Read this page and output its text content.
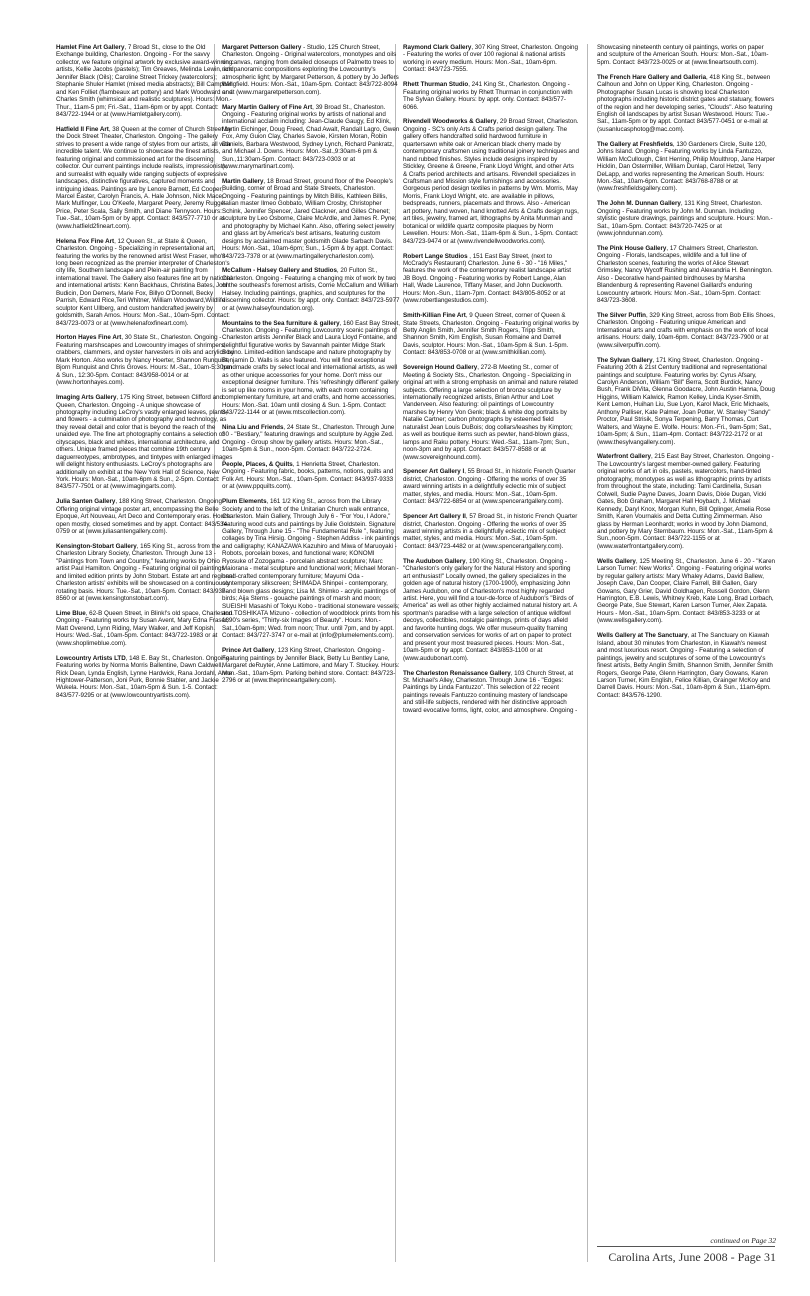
Hamlet Fine Art Gallery, 7 Broad St., close to the Old Exchange building, Charleston. Ongoing - For the savvy collector, we feature original artwork by exclusive award-winning artists, Kellie Jacobs (pastels); Tim Greaves, Melinda Lewin, and Jennifer Black (Oils); Caroline Street Trickey (watercolors); Stephanie Shuler Hamlet (mixed media abstracts); Bill Campbell and Ken Folliet (flambeaux art pottery) and Mark Woodward and Charles Smith (whimsical and realistic sculptures). Hours: Mon.-Thur., 11am-5 pm; Fri.-Sat., 11am-6pm or by appt. Contact: 843/722-1944 or at (www.Hamletgallery.com).

Hatfield II Fine Art, 38 Queen at the corner of Church Street by the Dock Street Theater, Charleston. Ongoing - The gallery strives to present a wide range of styles from our artists, all with incredible talent. We continue to showcase the finest artists, featuring original and commissioned art for the discerning collector. Our current paintings include realists, impressionists, and surrealist with equally wide ranging subjects of expressive landscapes, distinctive figuratives, captured moments and intriguing ideas. Paintings are by Lenore Barnett, Ed Cooper, Marcel Easter, Carolyn Francis, A. Hale Johnson, Nick Mace, Mark Mulfinger, Lou O'Keefe, Margaret Peery, Jeremy Rugge-Price, Peter Scala, Sally Smith, and Diane Tennyson. Hours: Tue.-Sat., 10am-5pm or by appt. Contact: 843/577-7710 or at (www.hatfield2fineart.com).

Helena Fox Fine Art, 12 Queen St., at State & Queen, Charleston. Ongoing - Specializing in representational art, featuring the works by the renowned artist West Fraser, who's long been recognized as the premier interpreter of Charleston's city life, Southern landscape and Plein-air painting from international travel. The Gallery also features fine art by national and international artists: Kenn Backhaus, Christina Bates, John Budicin, Don Demers, Marie Fox, Billyo O'Donnell, Becky Parrish, Edward Rice,Teri Whitner, William Woodward,Wildlife sculptor Kent Ullberg, and custom handcrafted jewelry by goldsmith, Sarah Amos. Hours: Mon.-Sat., 10am-5pm. Contact: 843/723-0073 or at (www.helenafoxfineart.com).

Horton Hayes Fine Art, 30 State St., Charleston. Ongoing - Featuring marshscapes and Lowcountry images of shrimpers, crabbers, clammers, and oyster harvesters in oils and acrylics by Mark Horton. Also works by Nancy Hoerter, Shannon Runquist, Bjorn Runquist and Chris Groves. Hours: M.-Sat., 10am-5:30pm & Sun., 12:30-5pm. Contact: 843/958-0014 or at (www.hortonhayes.com).

Imaging Arts Gallery, 175 King Street, between Clifford and Queen, Charleston. Ongoing - A unique showcase of photography including LeCroy's vastly enlarged leaves, plants, and flowers - a culmination of photography and technology, as they reveal detail and color that is beyond the reach of the unaided eye. The fine art photography contains a selection of cityscapes, black and whites, international architecture, and others. Unique framed pieces that combine 19th century daguerreotypes, ambrotypes, and tintypes with enlarged images will delight history enthusiasts. LeCroy's photographs are additionally on exhibit at the New York Hall of Science, New York. Hours: Mon.-Sat., 10am-6pm & Sun., 2-5pm. Contact: 843/577-7501 or at (www.imagingarts.com).

Julia Santen Gallery, 188 King Street, Charleston. Ongoing - Offering original vintage poster art, encompassing the Belle Epoque, Art Nouveau, Art Deco and Contemporary eras. Hours: open mostly, closed sometimes and by appt. Contact: 843/534-0759 or at (www.juliasantengallery.com).

Kensington-Stobart Gallery, 165 King St., across from the Charleston Library Society, Charleston. Through June 13 - "Paintings from Town and Country," featuring works by Ohio artist Paul Hamilton. Ongoing - Featuring original oil paintings and limited edition prints by John Stobart. Estate art and regional Charleston artists' exhibits will be showcased on a continuously rotating basis. Hours: Tue.-Sat., 10am-5pm. Contact: 843/937-8560 or at (www.kensingtonstobart.com).

Lime Blue, 62-B Queen Street, in Blink!'s old space, Charleston. Ongoing - Featuring works by Susan Avent, Mary Edna Fraser, Matt Overend, Lynn Riding, Mary Walker, and Jeff Kopish. Hours: Wed.-Sat., 10am-5pm. Contact: 843/722-1983 or at (www.shoplimeblue.com).

Lowcountry Artists LTD, 148 E. Bay St., Charleston. Ongoing - Featuring works by Norma Morris Ballentine, Dawn Caldwell, Rick Dean, Lynda English, Lynne Hardwick, Rana Jordahl, Anne Hightower-Patterson, Joni Purk, Bonnie Stabler, and Jackie Wukela. Hours: Mon.-Sat., 10am-5pm & Sun. 1-5. Contact: 843/577-9295 or at (www.lowcountryartists.com).

Margaret Petterson Gallery - Studio, 125 Church Street, Charleston. Ongoing - Original watercolors, monotypes and oils on canvas, ranging from detailed closeups of Palmetto trees to rich panoramic compositions exploring the Lowcountry's atmospheric light; by Margaret Petterson, & pottery by Jo Jeffers Wingfield. Hours: Mon.-Sat., 10am-5pm. Contact: 843/722-8094 or at (www.margaretpetterson.com).

Mary Martin Gallery of Fine Art, 39 Broad St., Charleston. Ongoing - Featuring original works by artists of national and international acclaim including: Jean-Claude Gaugy, Ed Klink, Martin Eichinger, Doug Freed, Chad Awalt, Randall Lagro, Gwen Fox, Amy Guion Clay, Charles Savoie, Kirsten Moran, Robin Daniels, Barbara Westwood, Sydney Lynch, Richard Pankratz, and Michael J. Downs. Hours: Mon.-Sat.,9:30am-6 pm & Sun.,11:30am-5pm. Contact: 843/723-0303 or at (www.marymartinart.com).

Martin Gallery, 18 Broad Street, ground floor of the Peeople's Building, corner of Broad and State Streets, Charleston. Ongoing - Featuring paintings by Mitch Billis, Kathleen Billis, Italian master Ilmeo Gobbato, William Crosby, Christopher Schink, Jennifer Spencer, Jared Clackner, and Gilles Chenet; sculpture by Leo Osborne, Claire McArdle, and James R. Pyne; and photography by Michael Kahn. Also, offering select jewelry and glass art by America's best artisans, featuring custom designs by acclaimed master goldsmith Glade Sarbach Davis. Hours: Mon.-Sat., 10am-6pm; Sun., 1-5pm & by appt. Contact: 843/723-7378 or at (www.martingallerycharleston.com).

McCallum - Halsey Gallery and Studios, 20 Fulton St., Charleston. Ongoing - Featuring a changing mix of work by two of the southeast's foremost artists, Corrie McCallum and William Halsey. Including paintings, graphics, and sculptures for the discerning collector. Hours: by appt. only. Contact: 843/723-5977 or at (www.halseyfoundation.org).

Mountains to the Sea furniture & gallery, 160 East Bay Street, Charleston. Ongoing - Featuring Lowcountry scenic paintings of Charleston artists Jennifer Black and Laura Lloyd Fontaine, and delightful figurative works by Savannah painter Midge Stark Bovino. Limited-edition landscape and nature photography by Benjamin D. Walls is also featured. You will find exceptional handmade crafts by select local and international artists, as well as other unique accessories for your home. Don't miss our exceptional designer furniture. This 'refreshingly different' gallery is set up like rooms in your home, with each room containing complementary furniture, art and crafts, and home accessories. Hours: Mon.-Sat. 10am until closing & Sun. 1-5pm. Contact: 843/722-1144 or at (www.mtscollection.com).

Nina Liu and Friends, 24 State St., Charleston. Through June 30 - "Bestiary," featuring drawings and sculpture by Aggie Zed. Ongoing - Group show by gallery artists. Hours: Mon.-Sat., 10am-5pm & Sun., noon-5pm. Contact: 843/722-2724.

People, Places, & Quilts, 1 Henrietta Street, Charleston. Ongoing - Featuring fabric, books, patterns, notions, quilts and Folk Art. Hours: Mon.-Sat., 10am-5pm. Contact: 843/937-9333 or at (www.ppquilts.com).

Plum Elements, 161 1/2 King St., across from the Library Society and to the left of the Unitarian Church walk entrance, Charleston. Main Gallery, Through July 6 - "For You, I Adore," featuring wood cuts and paintings by Julie Goldstein. Signature Gallery, Through June 15 - "The Fundamental Rule ", featuring collages by Tina Hirsig. Ongoing - Stephen Addiss - ink paintings and calligraphy; KANAZAWA Kazuhiro and Miwa of Maruoyaki - Robots, porcelain boxes, and functional ware; KONOMI Ryosuke of Zozogama - porcelain abstract sculpture; Marc Maiorana - metal sculpture and functional work; Michael Moran - hand-crafted contemporary furniture; Mayumi Oda - contemporary silkscreen; SHIMADA Shinpei - contemporary, hand blown glass designs; Lisa M. Shimko - acrylic paintings of birds; Aija Sterns - gouache paintings of marsh and moon; SUEISHI Masashi of Tokyu Kobo - traditional stoneware vessels; and TOSHIKATA Mizuno - collection of woodblock prints from his 1890's series, "Thirty-six Images of Beauty". Hours: Mon.-Sat.,10am-6pm; Wed. from noon; Thur. until 7pm, and by appt. Contact: 843/727-3747 or e-mail at (info@plumelements.com).

Prince Art Gallery, 123 King Street, Charleston. Ongoing - Featuring paintings by Jennifer Black, Betty Lu Bentley Lane, Margaret deRuyter, Anne Lattimore, and Mary T. Stuckey. Hours: Mon.-Sat., 10am-5pm. Parking behind store. Contact: 843/723-2796 or at (www.theprinceartgallery.com).

Raymond Clark Gallery, 307 King Street, Charleston. Ongoing - Featuring the works of over 100 regional & national artists working in every medium. Hours: Mon.-Sat., 10am-6pm. Contact: 843/723-7555.

Rhett Thurman Studio, 241 King St., Charleston. Ongoing - Featuring original works by Rhett Thurman in conjunction with The Sylvan Gallery. Hours: by appt. only. Contact: 843/577-6066.

Rivendell Woodworks & Gallery, 29 Broad Street, Charleston. Ongoing - SC's only Arts & Crafts period design gallery. The gallery offers handcrafted solid hardwood furniture in quartersawn white oak or American black cherry made by contemporary craftsmen using traditional joinery techniques and hand rubbed finishes. Styles include designs inspired by Stickley, Greene & Greene, Frank Lloyd Wright, and other Arts & Crafts period architects and artisans. Rivendell specializes in Craftsman and Mission style furnishings and accessories. Gorgeous period design textiles in patterns by Wm. Morris, May Morris, Frank Lloyd Wright, etc. are available in pillows, bedspreads, runners, placemats and throws. Also - American art pottery, hand woven, hand knotted Arts & Crafts design rugs, art tiles, jewelry, framed art, lithographs by Anita Munman and botanical or wildlife quartz composite plaques by Norm Lewellen. Hours: Mon.-Sat., 11am-6pm & Sun., 1-5pm. Contact: 843/723-9474 or at (www.rivendellwoodworks.com).

Robert Lange Studios , 151 East Bay Street, (next to McCrady's Restaurant) Charleston. June 6 - 30 - "16 Miles," features the work of the contemporary realist landscape artist JB Boyd. Ongoing - Featuring works by Robert Lange, Alan Hall, Wade Laurence, Tiffany Maser, and John Duckworth. Hours: Mon.-Sun., 11am-7pm. Contact: 843/805-8052 or at (www.robertlangestudios.com).

Smith-Killian Fine Art, 9 Queen Street, corner of Queen & State Streets, Charleston. Ongoing - Featuring original works by Betty Anglin Smith, Jennifer Smith Rogers, Tripp Smith, Shannon Smith, Kim English, Susan Romaine and Darrell Davis, sculptor. Hours: Mon.-Sat., 10am-5pm & Sun. 1-5pm. Contact: 843/853-0708 or at (www.smithkillian.com).

Sovereign Hound Gallery, 272-B Meeting St., corner of Meeting & Society Sts., Charleston. Ongoing - Specializing in original art with a strong emphasis on animal and nature related subjects. Offering a large selection of bronze sculpture by internationally recognized artists, Brian Arthur and Loet Vanderveen. Also featuring: oil paintings of Lowcountry marshes by Henry Von Genk; black & white dog portraits by Natalie Cartner; carbon photographs by esteemed field naturalist Jean Louis DuBois; dog collars/leashes by Kimpton; as well as boutique items such as pewter, hand-blown glass, lamps and Raku pottery. Hours: Wed.-Sat., 11am-7pm; Sun., noon-3pm and by appt. Contact: 843/577-8588 or at (www.sovereignhound.com).

Spencer Art Gallery I, 55 Broad St., in historic French Quarter district, Charleston. Ongoing - Offering the works of over 35 award winning artists in a delightfully eclectic mix of subject matter, styles, and media. Hours: Mon.-Sat., 10am-5pm. Contact: 843/722-6854 or at (www.spencerartgallery.com).

Spencer Art Gallery II, 57 Broad St., in historic French Quarter district, Charleston. Ongoing - Offering the works of over 35 award winning artists in a delightfully eclectic mix of subject matter, styles, and media. Hours: Mon.-Sat., 10am-5pm. Contact: 843/723-4482 or at (www.spencerartgallery.com).

The Audubon Gallery, 190 King St., Charleston. Ongoing - "Charleston's only gallery for the Natural History and sporting art enthusiast!" Locally owned, the gallery specializes in the golden age of natural history (1700-1900), emphasizing John James Audubon, one of Charleston's most highly regarded artist. Here, you will find a tour-de-force of Audubon's "Birds of America" as well as other highly acclaimed natural history art. A sportman's paradise with a large selection of antique wildfowl decoys, collectibles, nostalgic paintings, prints of days afield and favorite hunting dogs. We offer museum-quality framing and conservation services for works of art on paper to protect and present your most treasured pieces. Hours: Mon.-Sat., 10am-5pm or by appt. Contact: 843/853-1100 or at (www.audubonart.com).

The Charleston Renaissance Gallery, 103 Church Street, at St. Michael's Alley, Charleston. Through June 16 - "Edges: Paintings by Linda Fantuzzo". This selection of 22 recent paintings reveals Fantuzzo continuing mastery of landscape and still-life subjects, rendered with her distinctive approach toward evocative forms, light, color, and atmosphere. Ongoing -

Showcasing nineteenth century oil paintings, works on paper and sculpture of the American South. Hours: Mon.-Sat., 10am-5pm. Contact: 843/723-0025 or at (www.fineartsouth.com).

The French Hare Gallery and Galleria, 418 King St., between Calhoun and John on Upper King, Charleston. Ongoing - Photographer Susan Lucas is showing local Charleston photographs including historic district gates and statuary, flowers of the region and her developing series, "Clouds". Also featuring English oil landscapes by artist Susan Westwood. Hours: Tue.-Sat., 11am-5pm or by appt. Contact 843/577-0451 or e-mail at (susanlucasphotog@mac.com).

The Gallery at Freshfields, 130 Gardeners Circle, Suite 120, Johns Island. Ongoing - Featuring works by Linda Fantuzzo, William McCullough, Clint Herring, Philip Moulthrop, Jane Harper Hicklin, Dan Ostermiller, William Dunlap, Carol Hetzel, Terry DeLapp, and works representing the American South. Hours: Mon.-Sat., 10am-6pm. Contact: 843/768-8788 or at (www.freshfieldsgallery.com).

The John M. Dunnan Gallery, 131 King Street, Charleston. Ongoing - Featuring works by John M. Dunnan. Including stylistic gesture drawings, paintings and sculpture. Hours: Mon.-Sat., 10am-5pm. Contact: 843/720-7425 or at (www.johndunnan.com).

The Pink House Gallery, 17 Chalmers Street, Charleston. Ongoing - Florals, landscapes, wildlife and a full line of Charleston scenes, featuring the works of Alice Stewart Grimsley, Nancy Wycoff Rushing and Alexandria H. Bennington. Also - Decorative hand-painted birdhouses by Marsha Blandenburg & representing Ravenel Gaillard's enduring Lowcountry artwork. Hours: Mon.-Sat., 10am-5pm. Contact: 843/723-3608.

The Silver Puffin, 329 King Street, across from Bob Ellis Shoes, Charleston. Ongoing - Featuring unique American and International arts and crafts with emphasis on the work of local artisans. Hours: daily, 10am-6pm. Contact: 843/723-7900 or at (www.silverpuffin.com).

The Sylvan Gallery, 171 King Street, Charleston. Ongoing - Featuring 20th & 21st Century traditional and representational paintings and sculpture. Featuring works by: Cyrus Afsary, Carolyn Anderson, William "Bill" Berra, Scott Burdick, Nancy Bush, Frank DiVita, Glenna Goodacre, John Austin Hanna, Doug Higgins, William Kalwick, Ramon Kelley, Linda Kyser-Smith, Kent Lemon, Huihan Liu, Sue Lyon, Karol Mack, Eric Michaels, Anthony Palliser, Kate Palmer, Joan Potter, W. Stanley "Sandy" Proctor, Paul Strisik, Sonya Terpening, Barry Thomas, Curt Walters, and Wayne E. Wolfe. Hours: Mon.-Fri., 9am-5pm; Sat., 10am-5pm; & Sun., 11am-4pm. Contact: 843/722-2172 or at (www.thesylvangallery.com).

Waterfront Gallery, 215 East Bay Street, Charleston. Ongoing - The Lowcountry's largest member-owned gallery. Featuring original works of art in oils, pastels, watercolors, hand-tinted photography, monotypes as well as lithographic prints by artists from throughout the state, including: Tami Cardinella, Susan Colwell, Sudie Payne Daves, Joann Davis, Dixie Dugan, Vicki Gates, Bob Graham, Margaret Hall Hoybach, J. Michael Kennedy, Daryl Knox, Morgan Kuhn, Bill Oplinger, Amelia Rose Smith, Karen Vournakis and Detta Cutting Zimmerman. Also glass by Herman Leonhardt; works in wood by John Diamond, and pottery by Mary Sternbaum. Hours: Mon.-Sat., 11am-5pm & Sun.,noon-5pm. Contact: 843/722-1155 or at (www.waterfrontartgallery.com).

Wells Gallery, 125 Meeting St., Charleston. June 6 - 20 - "Karen Larson Turner: New Works". Ongoing - Featuring original works by regular gallery artists: Mary Whaley Adams, David Ballew, Joseph Cave, Dan Cooper, Claire Farrell, Bill Gallen, Gary Gowans, Gary Grier, David Goldhagen, Russell Gordon, Glenn Harrington, E.B. Lewis, Whitney Kreb, Kate Long, Brad Lorbach, George Pate, Sue Stewart, Karen Larson Turner, Alex Zapata. Hours - Mon.-Sat., 10am-5pm. Contact: 843/853-3233 or at (www.wellsgallery.com).

Wells Gallery at The Sanctuary, at The Sanctuary on Kiawah Island, about 30 minutes from Charleston, in Kiawah's newest and most luxurious resort. Ongoing - Featuring a selection of paintings, jewelry and sculptures of some of the Lowcountry's finest artists, Betty Anglin Smith, Shannon Smith, Jennifer Smith Rogers, George Pate, Glenn Harrington, Gary Gowans, Karen Larson Turner, Kim English, Felice Killian, Grainger McKoy and Darrell Davis. Hours: Mon.-Sat., 10am-8pm & Sun., 11am-6pm. Contact: 843/576-1290.

continued on Page 32
Carolina Arts, June 2008 - Page 31
